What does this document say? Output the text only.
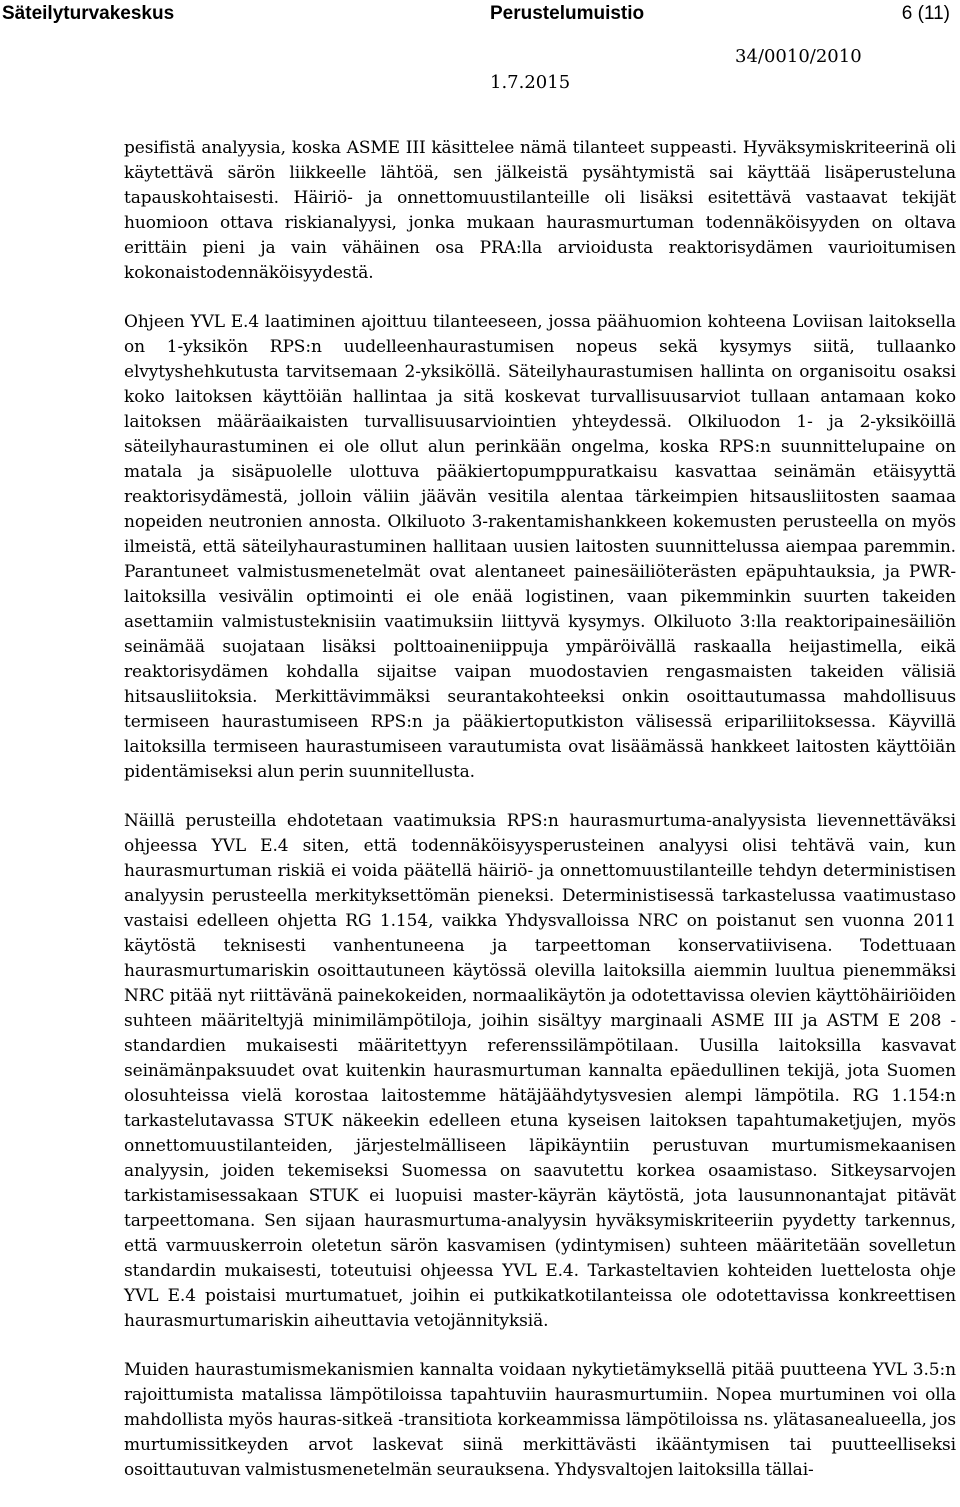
Säteilyturvakeskus	Perustelumuistio	6 (11)
34/0010/2010
1.7.2015

pesifistä analyysia, koska ASME III käsittelee nämä tilanteet suppeasti. Hyväksymiskriteerinä oli käytettävä särön liikkeelle lähtöä, sen jälkeistä pysähtymistä sai käyttää lisäperusteluna tapauskohtaisesti. Häiriö- ja onnettomuustilanteille oli lisäksi esitettävä vastaavat tekijät huomioon ottava riskianalyysi, jonka mukaan haurasmurtuman todennäköisyyden on oltava erittäin pieni ja vain vähäinen osa PRA:lla arvioidusta reaktorisydämen vaurioitumisen kokonaistodennäköisyydestä.

Ohjeen YVL E.4 laatiminen ajoittuu tilanteeseen, jossa päähuomion kohteena Loviisan laitoksella on 1-yksikön RPS:n uudelleenhaurastumisen nopeus sekä kysymys siitä, tullaanko elvytyshehkutusta tarvitsemaan 2-yksiköllä. Säteilyhaurastumisen hallinta on organisoitu osaksi koko laitoksen käyttöiän hallintaa ja sitä koskevat turvallisuusarviot tullaan antamaan koko laitoksen määräaikaisten turvallisuusarviointien yhteydessä. Olkiluodon 1- ja 2-yksiköillä säteilyhaurastuminen ei ole ollut alun perinkään ongelma, koska RPS:n suunnittelupaine on matala ja sisäpuolelle ulottuva pääkiertopumppuratkaisu kasvattaa seinämän etäisyyttä reaktorisydämestä, jolloin väliin jäävän vesitila alentaa tärkeimpien hitsausliitosten saamaa nopeiden neutronien annosta. Olkiluoto 3-rakentamishankkeen kokemusten perusteella on myös ilmeistä, että säteilyhaurastuminen hallitaan uusien laitosten suunnittelussa aiempaa paremmin. Parantuneet valmistusmenetelmät ovat alentaneet painesäiliöterästen epäpuhtauksia, ja PWR-laitoksilla vesivälin optimointi ei ole enää logistinen, vaan pikemminkin suurten takeiden asettamiin valmistusteknisiin vaatimuksiin liittyvä kysymys. Olkiluoto 3:lla reaktoripainesäiliön seinämää suojataan lisäksi polttoaineniippuja ympäröivällä raskaalla heijastimella, eikä reaktorisydämen kohdalla sijaitse vaipan muodostavien rengasmaisten takeiden välisiä hitsausliitoksia. Merkittävimmäksi seurantakohteeksi onkin osoittautumassa mahdollisuus termiseen haurastumiseen RPS:n ja pääkiertoputkiston välisessä eripariliitoksessa. Käyvillä laitoksilla termiseen haurastumiseen varautumista ovat lisäämässä hankkeet laitosten käyttöiän pidentämiseksi alun perin suunnitellusta.

Näillä perusteilla ehdotetaan vaatimuksia RPS:n haurasmurtuma-analyysista lievennettäväksi ohjeessa YVL E.4 siten, että todennäköisyysperusteinen analyysi olisi tehtävä vain, kun haurasmurtuman riskiä ei voida päätellä häiriö- ja onnettomuustilanteille tehdyn deterministisen analyysin perusteella merkityksettömän pieneksi. Deterministisessä tarkastelussa vaatimustaso vastaisi edelleen ohjetta RG 1.154, vaikka Yhdysvalloissa NRC on poistanut sen vuonna 2011 käytöstä teknisesti vanhentuneena ja tarpeettoman konservatiivisena. Todettuaan haurasmurtumariskin osoittautuneen käytössä olevilla laitoksilla aiemmin luultua pienemmäksi NRC pitää nyt riittävänä painekokeiden, normaalikäytön ja odotettavissa olevien käyttöhäiriöiden suhteen määriteltyjä minimilämpötiloja, joihin sisältyy marginaali ASME III ja ASTM E 208 -standardien mukaisesti määritettyyn referenssilämpötilaan. Uusilla laitoksilla kasvavat seinämänpaksuudet ovat kuitenkin haurasmurtuman kannalta epäedullinen tekijä, jota Suomen olosuhteissa vielä korostaa laitostemme hätäjäähdytysvesien alempi lämpötila. RG 1.154:n tarkastelutavassa STUK näkeekin edelleen etuna kyseisen laitoksen tapahtumaketjujen, myös onnettomuustilanteiden, järjestelmälliseen läpikäyntiin perustuvan murtumismekaanisen analyysin, joiden tekemiseksi Suomessa on saavutettu korkea osaamistaso. Sitkeysarvojen tarkistamisessakaan STUK ei luopuisi master-käyrän käytöstä, jota lausunnonantajat pitävät tarpeettomana. Sen sijaan haurasmurtuma-analyysin hyväksymiskriteeriin pyydetty tarkennus, että varmuuskerroin oletetun särön kasvamisen (ydintymisen) suhteen määritetään sovelletun standardin mukaisesti, toteutuisi ohjeessa YVL E.4. Tarkasteltavien kohteiden luettelosta ohje YVL E.4 poistaisi murtumatuet, joihin ei putkikatkotilanteissa ole odotettavissa konkreettisen haurasmurtumariskin aiheuttavia vetojännityksiä.

Muiden haurastumismekanismien kannalta voidaan nykytietämyksellä pitää puutteena YVL 3.5:n rajoittumista matalissa lämpötiloissa tapahtuviin haurasmurtumiin. Nopea murtuminen voi olla mahdollista myös hauras-sitkeä -transitiota korkeammissa lämpötiloissa ns. ylätasanealueella, jos murtumissitkeyden arvot laskevat siinä merkittävästi ikääntymisen tai puutteelliseksi osoittautuvan valmistusmenetelmän seurauksena. Yhdysvaltojen laitoksilla tällai-
